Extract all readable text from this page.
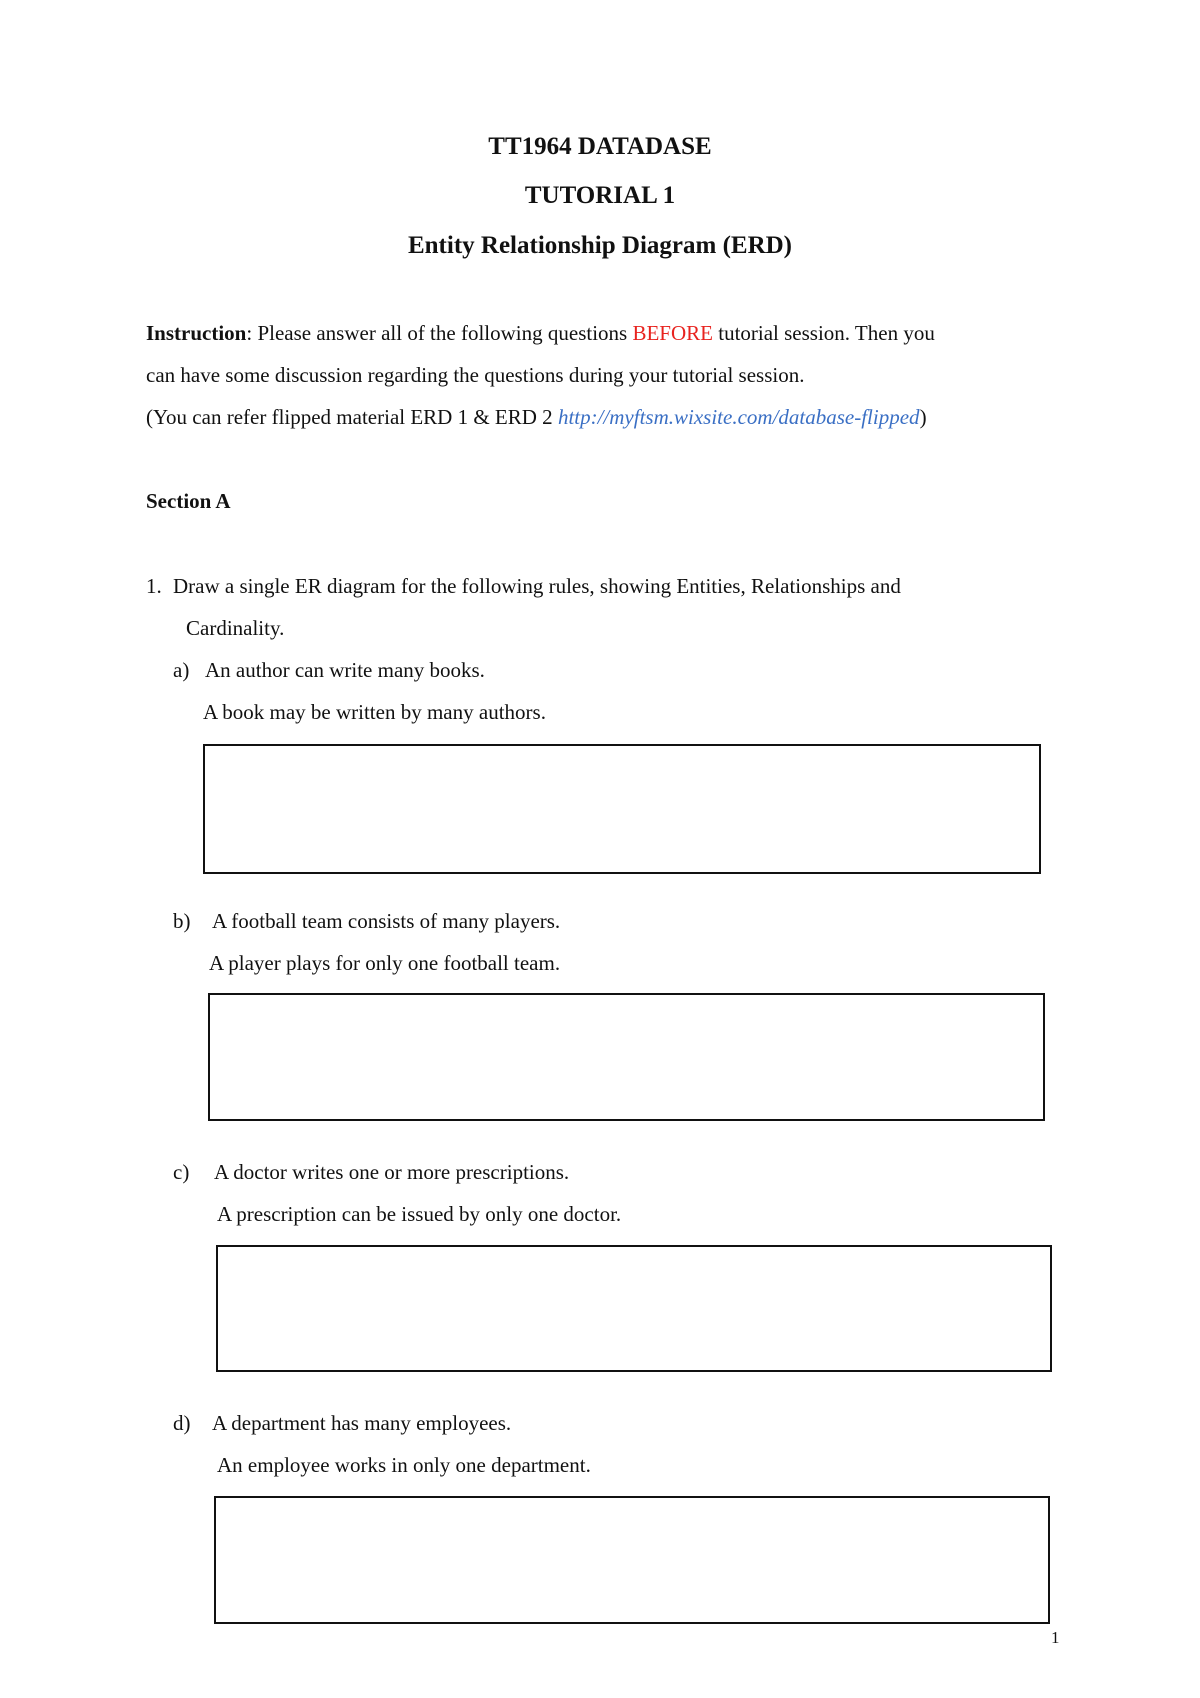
TT1964 DATADASE
TUTORIAL 1
Entity Relationship Diagram (ERD)
Instruction: Please answer all of the following questions BEFORE tutorial session. Then you
can have some discussion regarding the questions during your tutorial session.
(You can refer flipped material ERD 1 & ERD 2 http://myftsm.wixsite.com/database-flipped)
Section A
1. Draw a single ER diagram for the following rules, showing Entities, Relationships and
Cardinality.
a) An author can write many books.
A book may be written by many authors.
b) A football team consists of many players.
A player plays for only one football team.
c) A doctor writes one or more prescriptions.
A prescription can be issued by only one doctor.
d) A department has many employees.
An employee works in only one department.
1
